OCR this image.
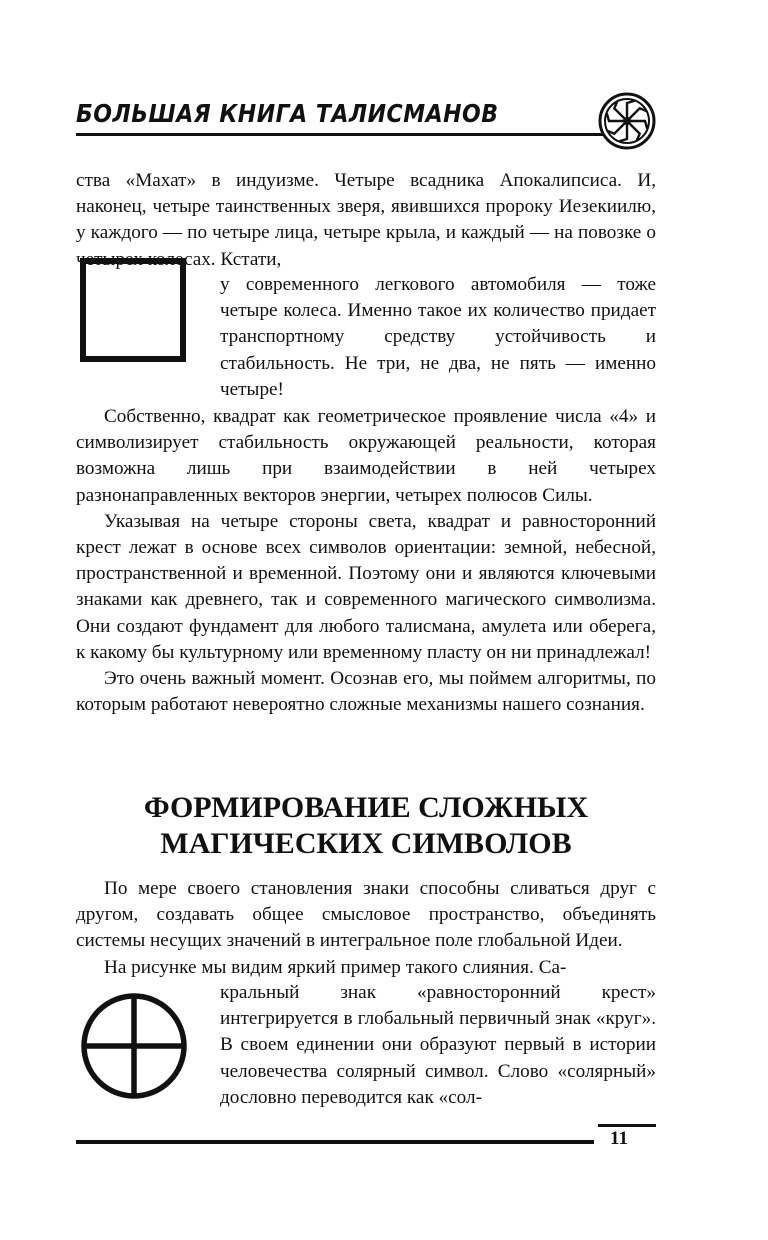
БОЛЬШАЯ КНИГА ТАЛИСМАНОВ

ства «Махат» в индуизме. Четыре всадника Апокалипсиса. И, наконец, четыре таинственных зверя, явившихся пророку Иезекиилю, у каждого — по четыре лица, четыре крыла, и каждый — на повозке о четырех колесах. Кстати,

у современного легкового автомобиля — тоже четыре колеса. Именно такое их количество придает транспортному средству устойчивость и стабильность. Не три, не два, не пять — именно четыре!

Собственно, квадрат как геометрическое проявление числа «4» и символизирует стабильность окружающей реальности, которая возможна лишь при взаимодействии в ней четырех разнонаправленных векторов энергии, четырех полюсов Силы.

Указывая на четыре стороны света, квадрат и равносторонний крест лежат в основе всех символов ориентации: земной, небесной, пространственной и временной. Поэтому они и являются ключевыми знаками как древнего, так и современного магического символизма. Они создают фундамент для любого талисмана, амулета или оберега, к какому бы культурному или временному пласту он ни принадлежал!

Это очень важный момент. Осознав его, мы поймем алгоритмы, по которым работают невероятно сложные механизмы нашего сознания.

ФОРМИРОВАНИЕ СЛОЖНЫХ
МАГИЧЕСКИХ СИМВОЛОВ

По мере своего становления знаки способны сливаться друг с другом, создавать общее смысловое пространство, объединять системы несущих значений в интегральное поле глобальной Идеи.

На рисунке мы видим яркий пример такого слияния. Са-

кральный знак «равносторонний крест» интегрируется в глобальный первичный знак «круг». В своем единении они образуют первый в истории человечества солярный символ. Слово «солярный» дословно переводится как «сол-
11
